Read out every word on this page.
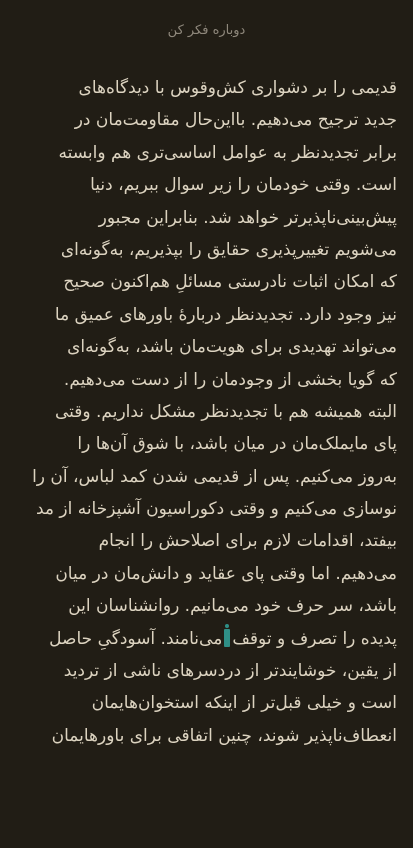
دوباره فکر کن
قدیمی را بر دشواری کش‌وقوس با دیدگاه‌های
جدید ترجیح می‌دهیم. بااین‌حال مقاومت‌مان در
برابر تجدیدنظر به عوامل اساسی‌تری هم وابسته
است. وقتی خودمان را زیر سوال ببریم، دنیا
پیش‌بینی‌ناپذیرتر خواهد شد. بنابراین مجبور
می‌شویم تغییرپذیری حقایق را بپذیریم، به‌گونه‌ای
که امکان اثبات نادرستی مسائلِ هم‌اکنون صحیح
نیز وجود دارد. تجدیدنظر دربارهٔ باورهای عمیق ما
می‌تواند تهدیدی برای هویت‌مان باشد، به‌گونه‌ای
که گویا بخشی از وجودمان را از دست می‌دهیم.
البته همیشه هم با تجدیدنظر مشکل نداریم. وقتی
پای مایملک‌مان در میان باشد، با شوق آن‌ها را
به‌روز می‌کنیم. پس از قدیمی شدن کمد لباس، آن را
نوسازی می‌کنیم و وقتی دکوراسیون آشپزخانه از مد
بیفتد، اقدامات لازم برای اصلاحش را انجام
می‌دهیم. اما وقتی پای عقاید و دانش‌مان در میان
باشد، سر حرف خود می‌مانیم. روانشناسان این
پدیده را تصرف و توقفمی‌نامند. آسودگیِ حاصل
از یقین، خوشایندتر از دردسرهای ناشی از تردید
است و خیلی قبل‌تر از اینکه استخوان‌هایمان
انعطاف‌ناپذیر شوند، چنین اتفاقی برای باورهایمان
